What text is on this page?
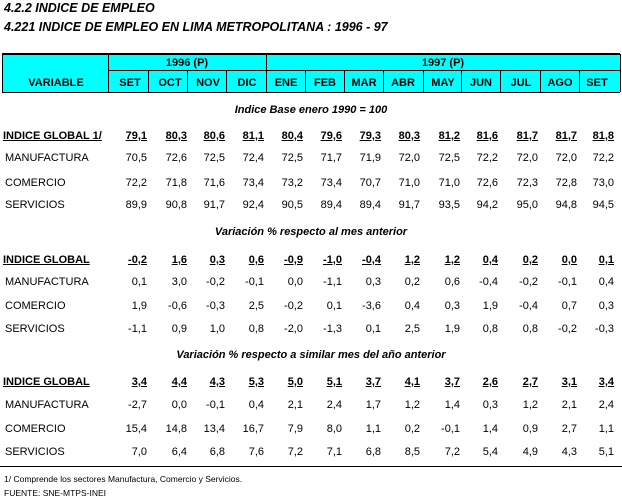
4.2.2 INDICE DE EMPLEO
4.221 INDICE DE EMPLEO EN LIMA METROPOLITANA : 1996 - 97
VARIABLE
1996 (P)	1997 (P)
SET	OCT	NOV	DIC	ENE	FEB	MAR	ABR	MAY	JUN	JUL	AGO	SET
Indice Base enero 1990 = 100
INDICE GLOBAL 1/	79,1	80,3	80,6	81,1	80,4	79,6	79,3	80,3	81,2	81,6	81,7	81,7	81,8
MANUFACTURA	70,5	72,6	72,5	72,4	72,5	71,7	71,9	72,0	72,5	72,2	72,0	72,0	72,2
COMERCIO	72,2	71,8	71,6	73,4	73,2	73,4	70,7	71,0	71,0	72,6	72,3	72,8	73,0
SERVICIOS	89,9	90,8	91,7	92,4	90,5	89,4	89,4	91,7	93,5	94,2	95,0	94,8	94,5
Variación % respecto al mes anterior
INDICE GLOBAL	-0,2	1,6	0,3	0,6	-0,9	-1,0	-0,4	1,2	1,2	0,4	0,2	0,0	0,1
MANUFACTURA	0,1	3,0	-0,2	-0,1	0,0	-1,1	0,3	0,2	0,6	-0,4	-0,2	-0,1	0,4
COMERCIO	1,9	-0,6	-0,3	2,5	-0,2	0,1	-3,6	0,4	0,3	1,9	-0,4	0,7	0,3
SERVICIOS	-1,1	0,9	1,0	0,8	-2,0	-1,3	0,1	2,5	1,9	0,8	0,8	-0,2	-0,3
Variación % respecto a similar mes del año anterior
INDICE GLOBAL	3,4	4,4	4,3	5,3	5,0	5,1	3,7	4,1	3,7	2,6	2,7	3,1	3,4
MANUFACTURA	-2,7	0,0	-0,1	0,4	2,1	2,4	1,7	1,2	1,4	0,3	1,2	2,1	2,4
COMERCIO	15,4	14,8	13,4	16,7	7,9	8,0	1,1	0,2	-0,1	1,4	0,9	2,7	1,1
SERVICIOS	7,0	6,4	6,8	7,6	7,2	7,1	6,8	8,5	7,2	5,4	4,9	4,3	5,1
1/ Comprende los sectores Manufactura, Comercio y Servicios.
FUENTE: SNE-MTPS-INEI
